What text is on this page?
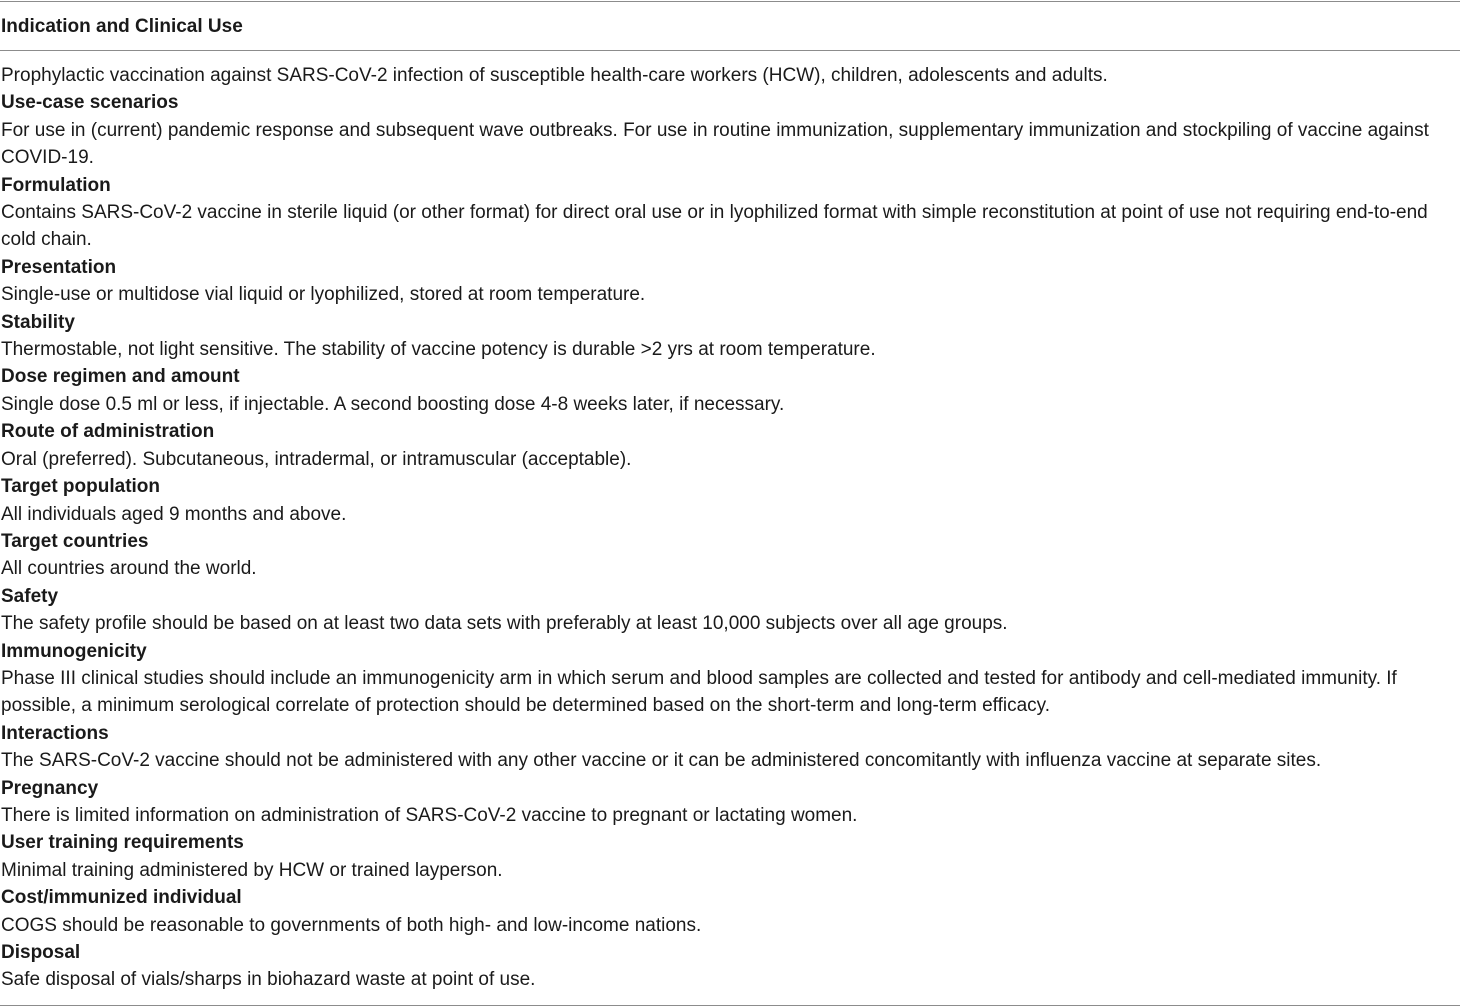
Indication and Clinical Use

Prophylactic vaccination against SARS-CoV-2 infection of susceptible health-care workers (HCW), children, adolescents and adults.

Use-case scenarios

For use in (current) pandemic response and subsequent wave outbreaks. For use in routine immunization, supplementary immunization and stockpiling of vaccine against COVID-19.

Formulation

Contains SARS-CoV-2 vaccine in sterile liquid (or other format) for direct oral use or in lyophilized format with simple reconstitution at point of use not requiring end-to-end cold chain.

Presentation

Single-use or multidose vial liquid or lyophilized, stored at room temperature.

Stability

Thermostable, not light sensitive. The stability of vaccine potency is durable >2 yrs at room temperature.

Dose regimen and amount

Single dose 0.5 ml or less, if injectable. A second boosting dose 4-8 weeks later, if necessary.

Route of administration

Oral (preferred). Subcutaneous, intradermal, or intramuscular (acceptable).

Target population

All individuals aged 9 months and above.

Target countries

All countries around the world.

Safety

The safety profile should be based on at least two data sets with preferably at least 10,000 subjects over all age groups.

Immunogenicity

Phase III clinical studies should include an immunogenicity arm in which serum and blood samples are collected and tested for antibody and cell-mediated immunity. If possible, a minimum serological correlate of protection should be determined based on the short-term and long-term efficacy.

Interactions

The SARS-CoV-2 vaccine should not be administered with any other vaccine or it can be administered concomitantly with influenza vaccine at separate sites.

Pregnancy

There is limited information on administration of SARS-CoV-2 vaccine to pregnant or lactating women.

User training requirements

Minimal training administered by HCW or trained layperson.

Cost/immunized individual

COGS should be reasonable to governments of both high- and low-income nations.

Disposal

Safe disposal of vials/sharps in biohazard waste at point of use.
